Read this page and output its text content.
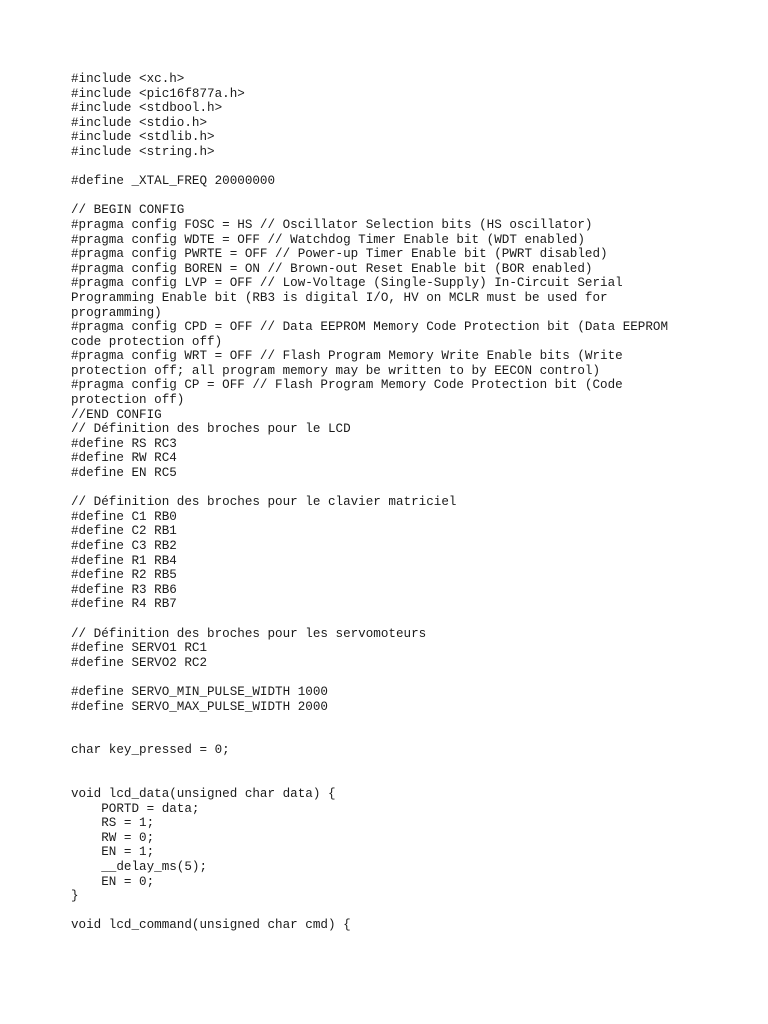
#include <xc.h>
#include <pic16f877a.h>
#include <stdbool.h>
#include <stdio.h>
#include <stdlib.h>
#include <string.h>
#define _XTAL_FREQ 20000000
// BEGIN CONFIG
#pragma config FOSC = HS // Oscillator Selection bits (HS oscillator)
#pragma config WDTE = OFF // Watchdog Timer Enable bit (WDT enabled)
#pragma config PWRTE = OFF // Power-up Timer Enable bit (PWRT disabled)
#pragma config BOREN = ON // Brown-out Reset Enable bit (BOR enabled)
#pragma config LVP = OFF // Low-Voltage (Single-Supply) In-Circuit Serial
Programming Enable bit (RB3 is digital I/O, HV on MCLR must be used for
programming)
#pragma config CPD = OFF // Data EEPROM Memory Code Protection bit (Data EEPROM
code protection off)
#pragma config WRT = OFF // Flash Program Memory Write Enable bits (Write
protection off; all program memory may be written to by EECON control)
#pragma config CP = OFF // Flash Program Memory Code Protection bit (Code
protection off)
//END CONFIG
// Définition des broches pour le LCD
#define RS RC3
#define RW RC4
#define EN RC5
// Définition des broches pour le clavier matriciel
#define C1 RB0
#define C2 RB1
#define C3 RB2
#define R1 RB4
#define R2 RB5
#define R3 RB6
#define R4 RB7
// Définition des broches pour les servomoteurs
#define SERVO1 RC1
#define SERVO2 RC2
#define SERVO_MIN_PULSE_WIDTH 1000
#define SERVO_MAX_PULSE_WIDTH 2000
char key_pressed = 0;
void lcd_data(unsigned char data) {
PORTD = data;
RS = 1;
RW = 0;
EN = 1;
__delay_ms(5);
EN = 0;
}
void lcd_command(unsigned char cmd) {
